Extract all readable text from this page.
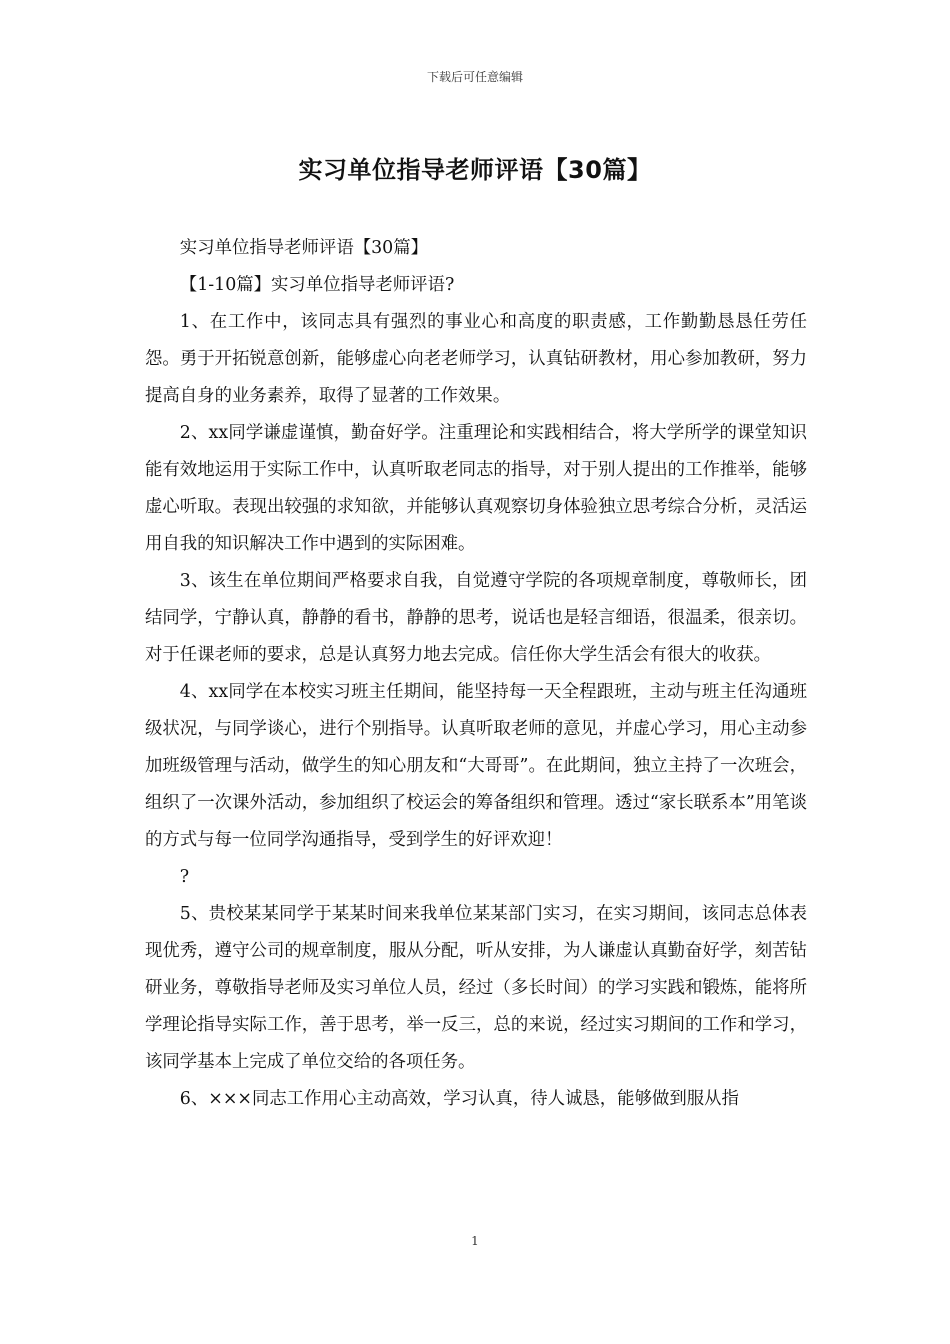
下载后可任意编辑
实习单位指导老师评语【30篇】

实习单位指导老师评语【30篇】

【1-10篇】实习单位指导老师评语?

1、在工作中，该同志具有强烈的事业心和高度的职责感，工作勤勤恳恳任劳任怨。勇于开拓锐意创新，能够虚心向老老师学习，认真钻研教材，用心参加教研，努力提高自身的业务素养，取得了显著的工作效果。

2、xx同学谦虚谨慎，勤奋好学。注重理论和实践相结合，将大学所学的课堂知识能有效地运用于实际工作中，认真听取老同志的指导，对于别人提出的工作推举，能够虚心听取。表现出较强的求知欲，并能够认真观察切身体验独立思考综合分析，灵活运用自我的知识解决工作中遇到的实际困难。

3、该生在单位期间严格要求自我，自觉遵守学院的各项规章制度，尊敬师长，团结同学，宁静认真，静静的看书，静静的思考，说话也是轻言细语，很温柔，很亲切。对于任课老师的要求，总是认真努力地去完成。信任你大学生活会有很大的收获。

4、xx同学在本校实习班主任期间，能坚持每一天全程跟班，主动与班主任沟通班级状况，与同学谈心，进行个别指导。认真听取老师的意见，并虚心学习，用心主动参加班级管理与活动，做学生的知心朋友和“大哥哥”。在此期间，独立主持了一次班会，组织了一次课外活动，参加组织了校运会的筹备组织和管理。透过“家长联系本”用笔谈的方式与每一位同学沟通指导，受到学生的好评欢迎！

?

5、贵校某某同学于某某时间来我单位某某部门实习，在实习期间，该同志总体表现优秀，遵守公司的规章制度，服从分配，听从安排，为人谦虚认真勤奋好学，刻苦钻研业务，尊敬指导老师及实习单位人员，经过（多长时间）的学习实践和锻炼，能将所学理论指导实际工作，善于思考，举一反三，总的来说，经过实习期间的工作和学习，该同学基本上完成了单位交给的各项任务。

6、×××同志工作用心主动高效，学习认真，待人诚恳，能够做到服从指

1
